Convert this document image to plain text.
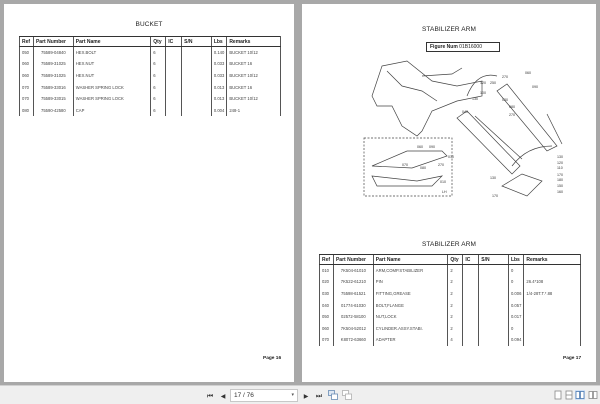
BUCKET
Ref	Part Number	Part Name	Qty	IC	S/N	Lbs	Remarks
050	75589-04840	HEX.BOLT	6			0.140	BUCKET 10/12
060	75589-31025	HEX.NUT	6			0.033	BUCKET 16
060	75589-31025	HEX.NUT	6			0.033	BUCKET 10/12
070	75589-33016	WASHER SPRING LOCK	6			0.013	BUCKET 16
070	75589-33015	WASHER SPRING LOCK	6			0.013	BUCKET 10/12
080	75590-42580	CAP	6			0.004	248-1
Page 16
STABILIZER ARM
Figure Num 01B16000
130
040
100
120 250
270
060
090
030
080
270
010	130
120
110
170
180
150
160
130
170
060 090
070
080
270
010
LH
STABILIZER ARM
Ref	Part Number	Part Name	Qty	IC	S/N	Lbs	Remarks
010	7K504-61010	ARM,COMP.STABILIZER	2			0	
020	7K522-61210	PIN	2			0	26.4*108
030	75598-61521	FITTING,GREASE	2			0.006	1/4-28T.T.*.88
040	01774-61030	BOLT,FLANGE	2			0.057	
050	02572-58100	NUT,LOCK	2			0.017	
060	7K504-52012	CYLINDER.ASSY.STABI.	2			0	
070	K8072-63660	ADAPTER	4			0.094	
Page 17
⏮	◀	17 / 76	▾	▶	⏭
